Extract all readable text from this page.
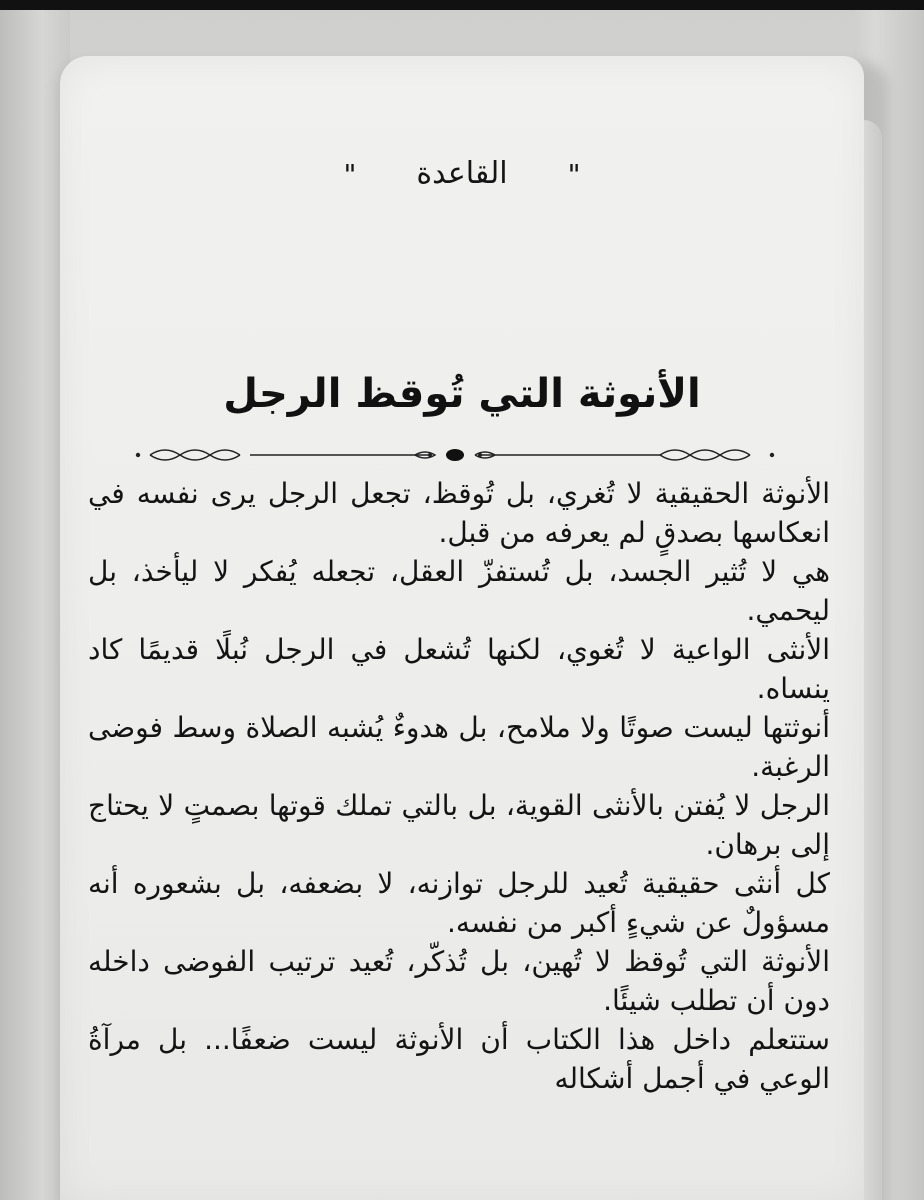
"القاعدة"
الأنوثة التي تُوقظ الرجل

الأنوثة الحقيقية لا تُغري، بل تُوقظ، تجعل الرجل يرى نفسه في انعكاسها بصدقٍ لم يعرفه من قبل.

هي لا تُثير الجسد، بل تُستفزّ العقل، تجعله يُفكر لا ليأخذ، بل ليحمي.

الأنثى الواعية لا تُغوي، لكنها تُشعل في الرجل نُبلًا قديمًا كاد ينساه.

أنوثتها ليست صوتًا ولا ملامح، بل هدوءٌ يُشبه الصلاة وسط فوضى الرغبة.

الرجل لا يُفتن بالأنثى القوية، بل بالتي تملك قوتها بصمتٍ لا يحتاج إلى برهان.

كل أنثى حقيقية تُعيد للرجل توازنه، لا بضعفه، بل بشعوره أنه مسؤولٌ عن شيءٍ أكبر من نفسه.

الأنوثة التي تُوقظ لا تُهين، بل تُذكّر، تُعيد ترتيب الفوضى داخله دون أن تطلب شيئًا.

ستتعلم داخل هذا الكتاب أن الأنوثة ليست ضعفًا... بل مرآةُ الوعي في أجمل أشكاله
